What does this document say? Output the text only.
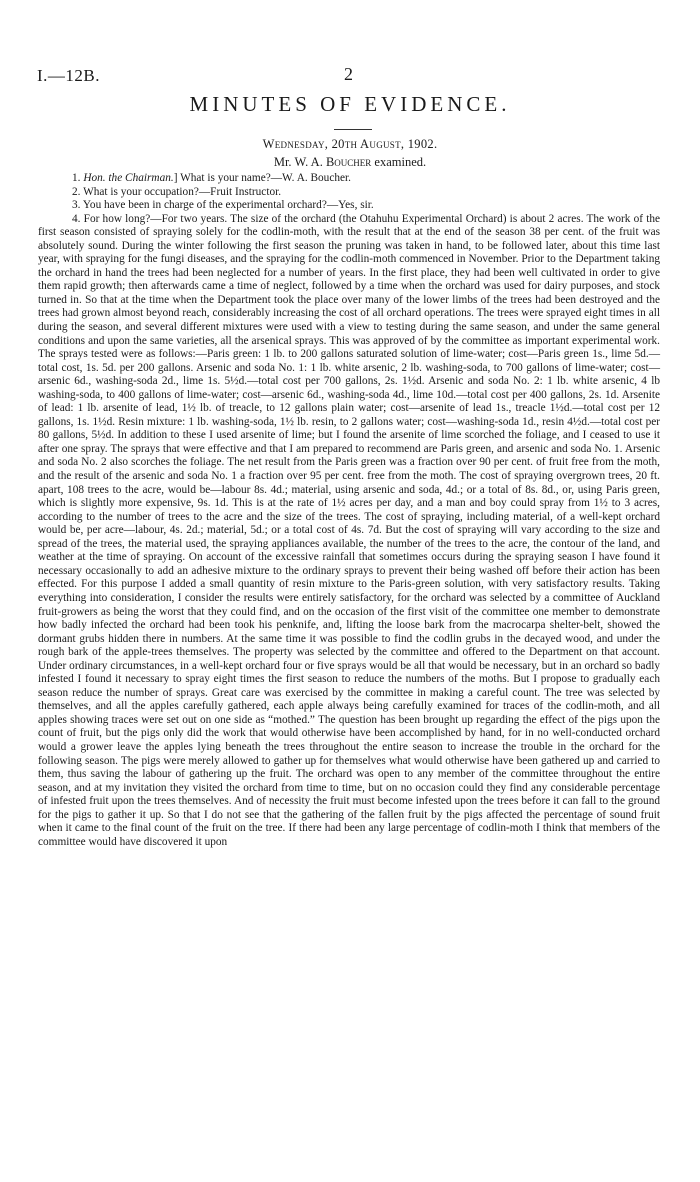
I.—12B.	2
MINUTES OF EVIDENCE.
Wednesday, 20th August, 1902.
Mr. W. A. Boucher examined.

1. Hon. the Chairman.] What is your name?—W. A. Boucher.

2. What is your occupation?—Fruit Instructor.

3. You have been in charge of the experimental orchard?—Yes, sir.

4. For how long?—For two years. The size of the orchard (the Otahuhu Experimental Orchard) is about 2 acres. The work of the first season consisted of spraying solely for the codlin-moth, with the result that at the end of the season 38 per cent. of the fruit was absolutely sound. During the winter following the first season the pruning was taken in hand, to be followed later, about this time last year, with spraying for the fungi diseases, and the spraying for the codlin-moth commenced in November. Prior to the Department taking the orchard in hand the trees had been neglected for a number of years. In the first place, they had been well cultivated in order to give them rapid growth; then afterwards came a time of neglect, followed by a time when the orchard was used for dairy purposes, and stock turned in. So that at the time when the Department took the place over many of the lower limbs of the trees had been destroyed and the trees had grown almost beyond reach, considerably increasing the cost of all orchard operations. The trees were sprayed eight times in all during the season, and several different mixtures were used with a view to testing during the same season, and under the same general conditions and upon the same varieties, all the arsenical sprays. This was approved of by the committee as important experimental work. The sprays tested were as follows:—Paris green: 1 lb. to 200 gallons saturated solution of lime-water; cost—Paris green 1s., lime 5d.—total cost, 1s. 5d. per 200 gallons. Arsenic and soda No. 1: 1 lb. white arsenic, 2 lb. washing-soda, to 700 gallons of lime-water; cost—arsenic 6d., washing-soda 2d., lime 1s. 5½d.—total cost per 700 gallons, 2s. 1½d. Arsenic and soda No. 2: 1 lb. white arsenic, 4 lb washing-soda, to 400 gallons of lime-water; cost—arsenic 6d., washing-soda 4d., lime 10d.—total cost per 400 gallons, 2s. 1d. Arsenite of lead: 1 lb. arsenite of lead, 1½ lb. of treacle, to 12 gallons plain water; cost—arsenite of lead 1s., treacle 1½d.—total cost per 12 gallons, 1s. 1½d. Resin mixture: 1 lb. washing-soda, 1½ lb. resin, to 2 gallons water; cost—washing-soda 1d., resin 4½d.—total cost per 80 gallons, 5½d. In addition to these I used arsenite of lime; but I found the arsenite of lime scorched the foliage, and I ceased to use it after one spray. The sprays that were effective and that I am prepared to recommend are Paris green, and arsenic and soda No. 1. Arsenic and soda No. 2 also scorches the foliage. The net result from the Paris green was a fraction over 90 per cent. of fruit free from the moth, and the result of the arsenic and soda No. 1 a fraction over 95 per cent. free from the moth. The cost of spraying overgrown trees, 20 ft. apart, 108 trees to the acre, would be—labour 8s. 4d.; material, using arsenic and soda, 4d.; or a total of 8s. 8d., or, using Paris green, which is slightly more expensive, 9s. 1d. This is at the rate of 1½ acres per day, and a man and boy could spray from 1½ to 3 acres, according to the number of trees to the acre and the size of the trees. The cost of spraying, including material, of a well-kept orchard would be, per acre—labour, 4s. 2d.; material, 5d.; or a total cost of 4s. 7d. But the cost of spraying will vary according to the size and spread of the trees, the material used, the spraying appliances available, the number of the trees to the acre, the contour of the land, and weather at the time of spraying. On account of the excessive rainfall that sometimes occurs during the spraying season I have found it necessary occasionally to add an adhesive mixture to the ordinary sprays to prevent their being washed off before their action has been effected. For this purpose I added a small quantity of resin mixture to the Paris-green solution, with very satisfactory results. Taking everything into consideration, I consider the results were entirely satisfactory, for the orchard was selected by a committee of Auckland fruit-growers as being the worst that they could find, and on the occasion of the first visit of the committee one member to demonstrate how badly infected the orchard had been took his penknife, and, lifting the loose bark from the macrocarpa shelter-belt, showed the dormant grubs hidden there in numbers. At the same time it was possible to find the codlin grubs in the decayed wood, and under the rough bark of the apple-trees themselves. The property was selected by the committee and offered to the Department on that account. Under ordinary circumstances, in a well-kept orchard four or five sprays would be all that would be necessary, but in an orchard so badly infested I found it necessary to spray eight times the first season to reduce the numbers of the moths. But I propose to gradually each season reduce the number of sprays. Great care was exercised by the committee in making a careful count. The tree was selected by themselves, and all the apples carefully gathered, each apple always being carefully examined for traces of the codlin-moth, and all apples showing traces were set out on one side as “mothed.” The question has been brought up regarding the effect of the pigs upon the count of fruit, but the pigs only did the work that would otherwise have been accomplished by hand, for in no well-conducted orchard would a grower leave the apples lying beneath the trees throughout the entire season to increase the trouble in the orchard for the following season. The pigs were merely allowed to gather up for themselves what would otherwise have been gathered up and carried to them, thus saving the labour of gathering up the fruit. The orchard was open to any member of the committee throughout the entire season, and at my invitation they visited the orchard from time to time, but on no occasion could they find any considerable percentage of infested fruit upon the trees themselves. And of necessity the fruit must become infested upon the trees before it can fall to the ground for the pigs to gather it up. So that I do not see that the gathering of the fallen fruit by the pigs affected the percentage of sound fruit when it came to the final count of the fruit on the tree. If there had been any large percentage of codlin-moth I think that members of the committee would have discovered it upon
